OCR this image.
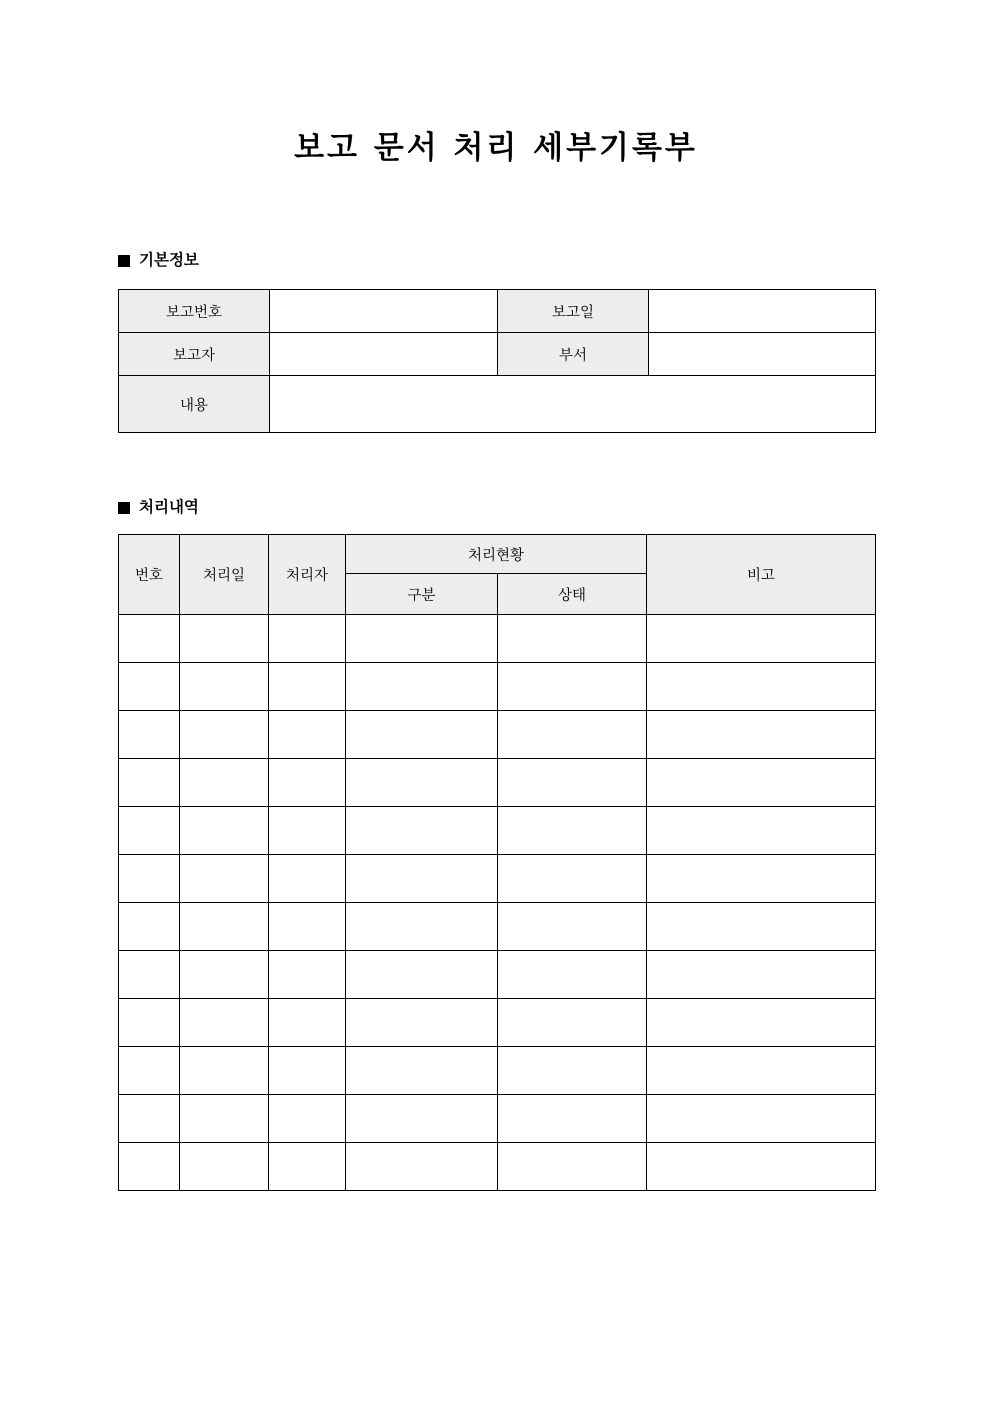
보고 문서 처리 세부기록부
기본정보
보고번호		보고일	
보고자		부서	
내용			
처리내역
번호	처리일	처리자	처리현황		비고
			구분	상태	
